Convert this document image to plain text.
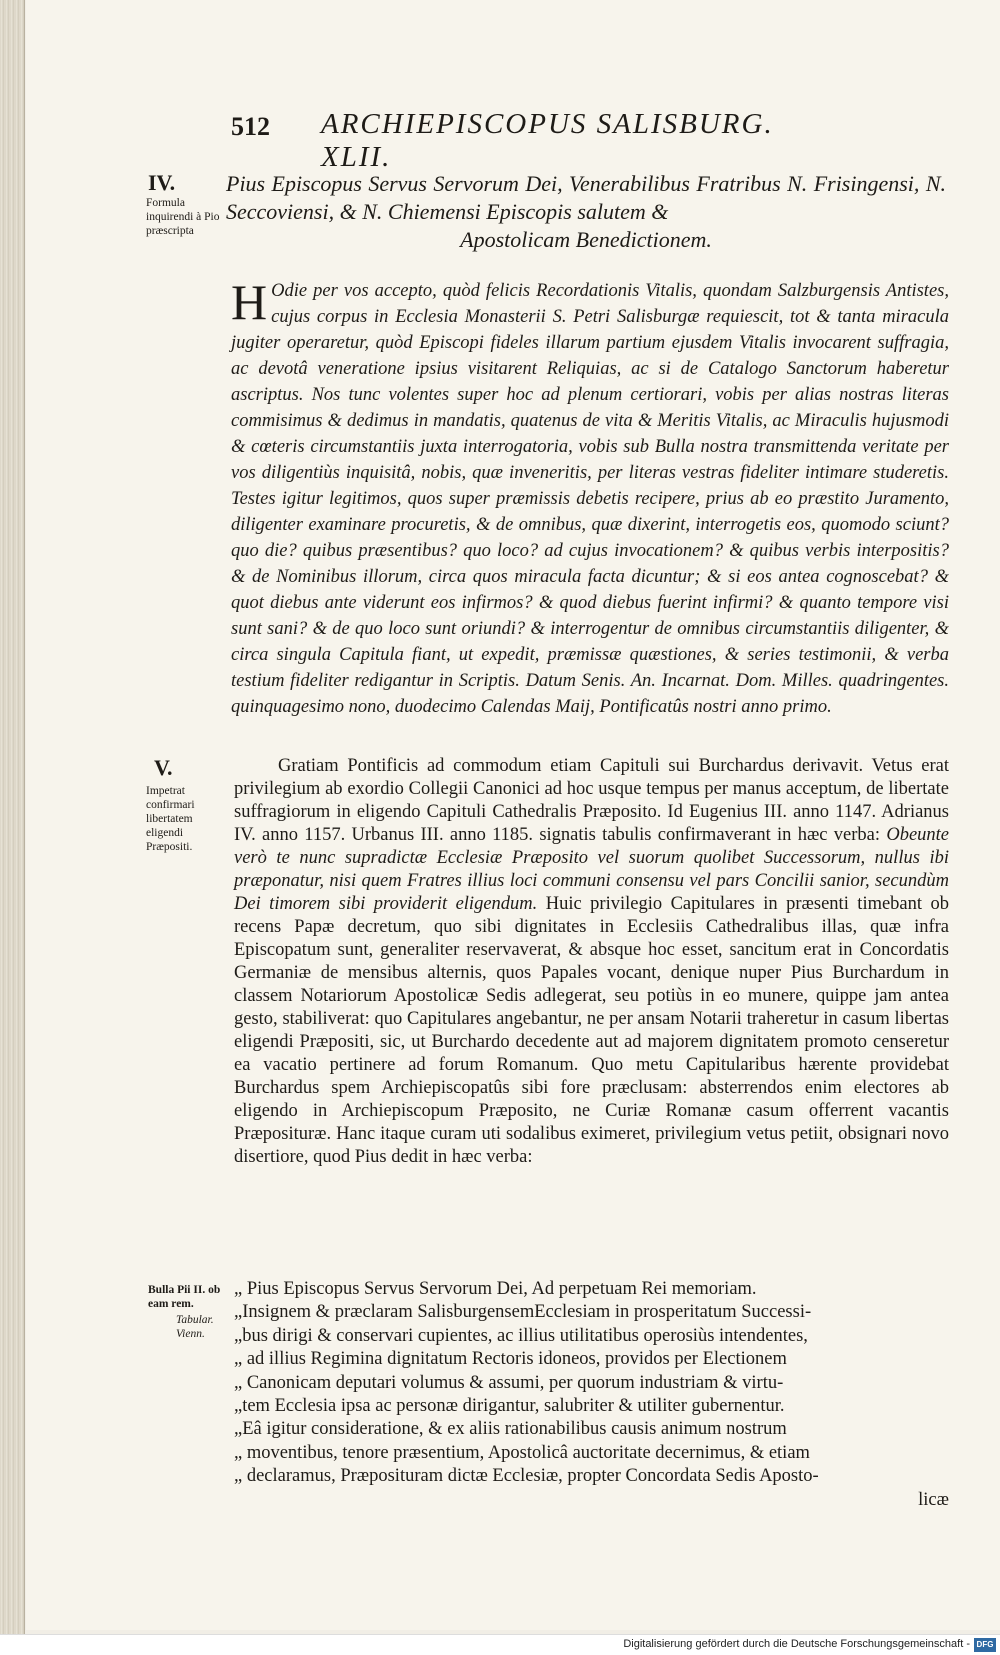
512 ARCHIEPISCOPUS SALISBURG. XLII.
IV.
Formula inquirendi à Pio præscripta
Pius Episcopus Servus Servorum Dei, Venerabilibus Fratribus N. Frisingensi, N. Seccoviensi, & N. Chiemensi Episcopis salutem &
Apostolicam Benedictionem.
H Odie per vos accepto, quòd felicis Recordationis Vitalis, quondam Salzburgensis Antistes, cujus corpus in Ecclesia Monasterii S. Petri Salisburgæ requiescit, tot & tanta miracula jugiter operaretur, quòd Episcopi fideles illarum partium ejusdem Vitalis invocarent suffragia, ac devotâ veneratione ipsius visitarent Reliquias, ac si de Catalogo Sanctorum haberetur ascriptus. Nos tunc volentes super hoc ad plenum certiorari, vobis per alias nostras literas commisimus & dedimus in mandatis, quatenus de vita & Meritis Vitalis, ac Miraculis hujusmodi & cœteris circumstantiis juxta interrogatoria, vobis sub Bulla nostra transmittenda veritate per vos diligentiùs inquisitâ, nobis, quæ inveneritis, per literas vestras fideliter intimare studeretis. Testes igitur legitimos, quos super præmissis debetis recipere, prius ab eo præstito Juramento, diligenter examinare procuretis, & de omnibus, quæ dixerint, interrogetis eos, quomodo sciunt? quo die? quibus præsentibus? quo loco? ad cujus invocationem? & quibus verbis interpositis? & de Nominibus illorum, circa quos miracula facta dicuntur; & si eos antea cognoscebat? & quot diebus ante viderunt eos infirmos? & quod diebus fuerint infirmi? & quanto tempore visi sunt sani? & de quo loco sunt oriundi? & interrogentur de omnibus circumstantiis diligenter, & circa singula Capitula fiant, ut expedit, præmissæ quæstiones, & series testimonii, & verba testium fideliter redigantur in Scriptis. Datum Senis. An. Incarnat. Dom. Milles. quadringentes. quinquagesimo nono, duodecimo Calendas Maij, Pontificatûs nostri anno primo.
V.
Impetrat confirmari libertatem eligendi Præpositi.
Gratiam Pontificis ad commodum etiam Capituli sui Burchardus derivavit. Vetus erat privilegium ab exordio Collegii Canonici ad hoc usque tempus per manus acceptum, de libertate suffragiorum in eligendo Capituli Cathedralis Præposito. Id Eugenius III. anno 1147. Adrianus IV. anno 1157. Urbanus III. anno 1185. signatis tabulis confirmaverant in hæc verba: Obeunte verò te nunc supradictæ Ecclesiæ Præposito vel suorum quolibet Successorum, nullus ibi præponatur, nisi quem Fratres illius loci communi consensu vel pars Concilii sanior, secundùm Dei timorem sibi providerit eligendum. Huic privilegio Capitulares in præsenti timebant ob recens Papæ decretum, quo sibi dignitates in Ecclesiis Cathedralibus illas, quæ infra Episcopatum sunt, generaliter reservaverat, & absque hoc esset, sancitum erat in Concordatis Germaniæ de mensibus alternis, quos Papales vocant, denique nuper Pius Burchardum in classem Notariorum Apostolicæ Sedis adlegerat, seu potiùs in eo munere, quippe jam antea gesto, stabiliverat: quo Capitulares angebantur, ne per ansam Notarii traheretur in casum libertas eligendi Præpositi, sic, ut Burchardo decedente aut ad majorem dignitatem promoto censeretur ea vacatio pertinere ad forum Romanum. Quo metu Capitularibus hærente providebat Burchardus spem Archiepiscopatûs sibi fore præclusam: absterrendos enim electores ab eligendo in Archiepiscopum Præposito, ne Curiæ Romanæ casum offerrent vacantis Præposituræ. Hanc itaque curam uti sodalibus eximeret, privilegium vetus petiit, obsignari novo disertiore, quod Pius dedit in hæc verba:
Bulla Pii II. ob eam rem.
Tabular. Vienn.
„ Pius Episcopus Servus Servorum Dei, Ad perpetuam Rei memoriam.
„Insignem & præclaram SalisburgensemEcclesiam in prosperitatum Successi-
„bus dirigi & conservari cupientes, ac illius utilitatibus operosiùs intendentes,
„ ad illius Regimina dignitatum Rectoris idoneos, providos per Electionem
„ Canonicam deputari volumus & assumi, per quorum industriam & virtu-
„tem Ecclesia ipsa ac personæ dirigantur, salubriter & utiliter gubernentur.
„Eâ igitur consideratione, & ex aliis rationabilibus causis animum nostrum
„ moventibus, tenore præsentium, Apostolicâ auctoritate decernimus, & etiam
„ declaramus, Præposituram dictæ Ecclesiæ, propter Concordata Sedis Aposto-
licæ
Digitalisierung gefördert durch die Deutsche Forschungsgemeinschaft - DFG
